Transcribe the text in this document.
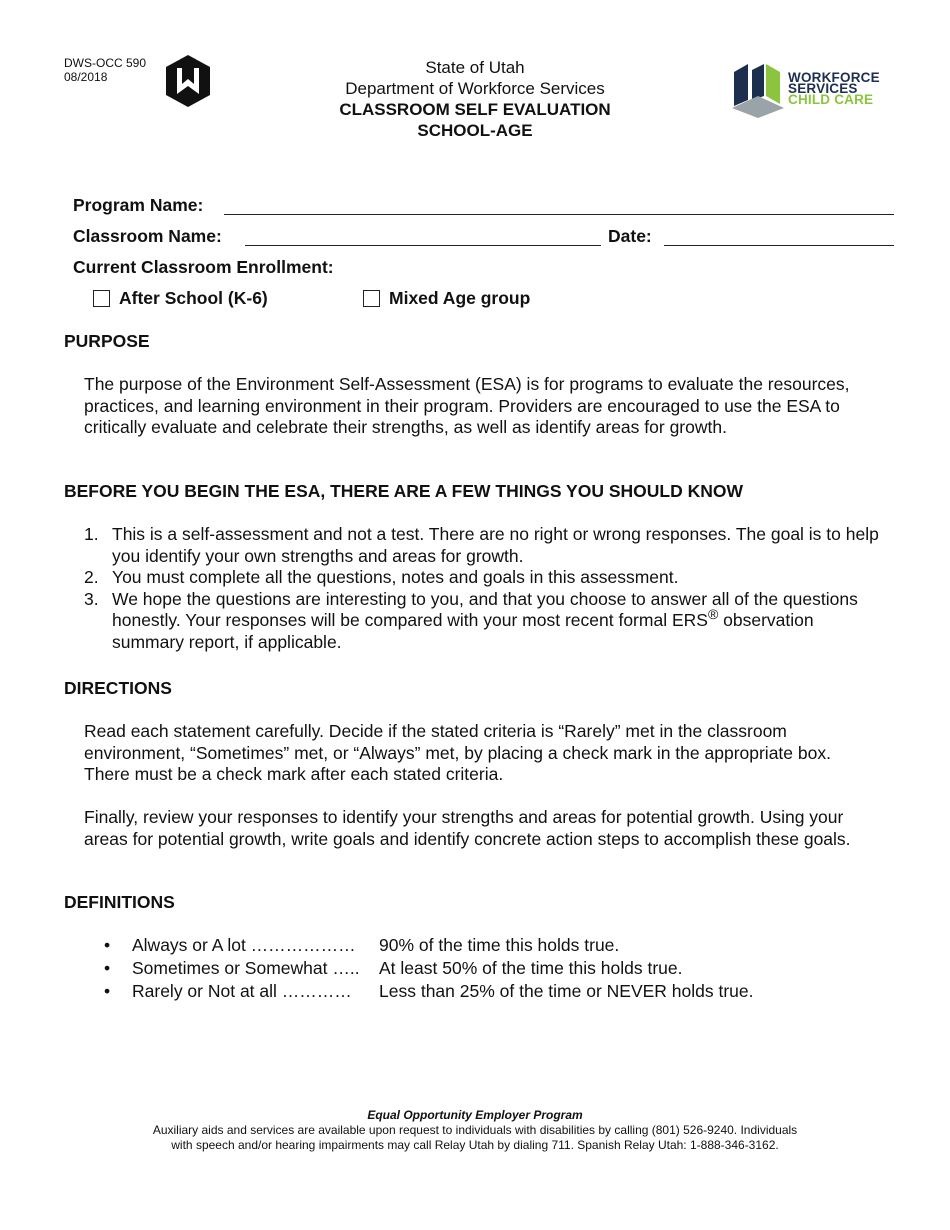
DWS-OCC 590
08/2018	State of Utah
Department of Workforce Services
CLASSROOM SELF EVALUATION
SCHOOL-AGE
WORKFORCE
SERVICES
CHILD CARE
Program Name:
Classroom Name:	Date:
Current Classroom Enrollment:
After School (K-6)	Mixed Age group
PURPOSE
The purpose of the Environment Self-Assessment (ESA) is for programs to evaluate the resources, practices, and learning environment in their program. Providers are encouraged to use the ESA to critically evaluate and celebrate their strengths, as well as identify areas for growth.
BEFORE YOU BEGIN THE ESA, THERE ARE A FEW THINGS YOU SHOULD KNOW
1. This is a self-assessment and not a test. There are no right or wrong responses. The goal is to help you identify your own strengths and areas for growth.
2. You must complete all the questions, notes and goals in this assessment.
3. We hope the questions are interesting to you, and that you choose to answer all of the questions honestly. Your responses will be compared with your most recent formal ERS® observation summary report, if applicable.
DIRECTIONS
Read each statement carefully. Decide if the stated criteria is “Rarely” met in the classroom environment, “Sometimes” met, or “Always” met, by placing a check mark in the appropriate box. There must be a check mark after each stated criteria.
Finally, review your responses to identify your strengths and areas for potential growth. Using your areas for potential growth, write goals and identify concrete action steps to accomplish these goals.
DEFINITIONS
•	Always or A lot ………………	90% of the time this holds true.
•	Sometimes or Somewhat …..	At least 50% of the time this holds true.
•	Rarely or Not at all …………	Less than 25% of the time or NEVER holds true.
Equal Opportunity Employer Program
Auxiliary aids and services are available upon request to individuals with disabilities by calling (801) 526-9240. Individuals
with speech and/or hearing impairments may call Relay Utah by dialing 711. Spanish Relay Utah: 1-888-346-3162.
